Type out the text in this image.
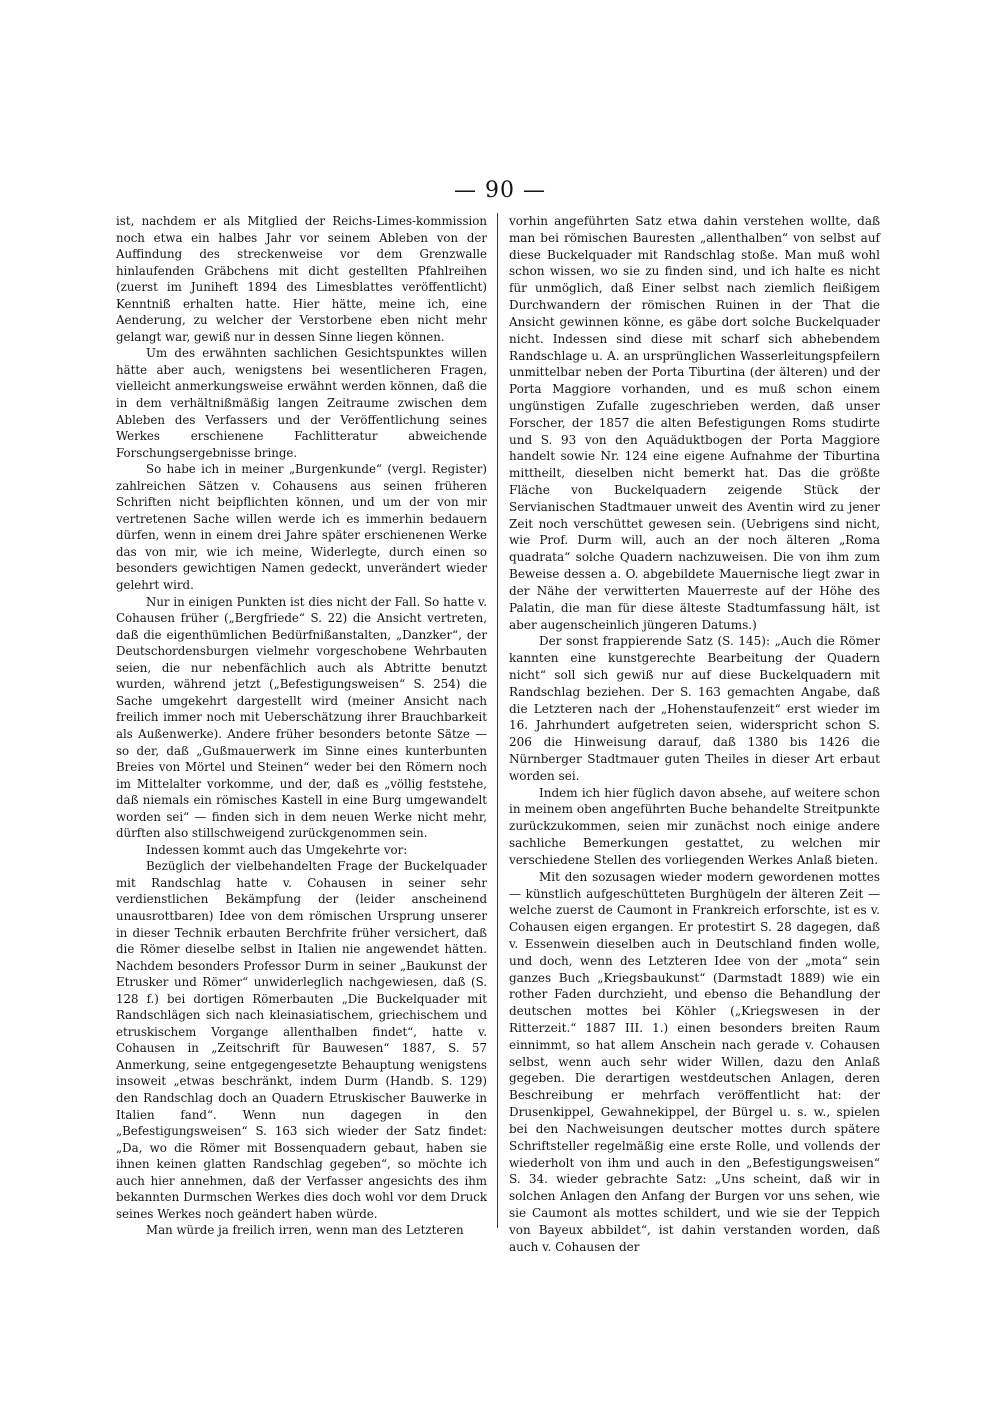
— 90 —

ist, nachdem er als Mitglied der Reichs-Limes-kommission noch etwa ein halbes Jahr vor seinem Ableben von der Auffindung des streckenweise vor dem Grenzwalle hinlaufenden Gräbchens mit dicht gestellten Pfahlreihen (zuerst im Juniheft 1894 des Limesblattes veröffentlicht) Kenntniß erhalten hatte. Hier hätte, meine ich, eine Aenderung, zu welcher der Verstorbene eben nicht mehr gelangt war, gewiß nur in dessen Sinne liegen können.

Um des erwähnten sachlichen Gesichtspunktes willen hätte aber auch, wenigstens bei wesentlicheren Fragen, vielleicht anmerkungsweise erwähnt werden können, daß die in dem verhältnißmäßig langen Zeitraume zwischen dem Ableben des Verfassers und der Veröffentlichung seines Werkes erschienene Fachlitteratur abweichende Forschungsergebnisse bringe.

So habe ich in meiner „Burgenkunde“ (vergl. Register) zahlreichen Sätzen v. Cohausens aus seinen früheren Schriften nicht beipflichten können, und um der von mir vertretenen Sache willen werde ich es immerhin bedauern dürfen, wenn in einem drei Jahre später erschienenen Werke das von mir, wie ich meine, Widerlegte, durch einen so besonders gewichtigen Namen gedeckt, unverändert wieder gelehrt wird.

Nur in einigen Punkten ist dies nicht der Fall. So hatte v. Cohausen früher („Bergfriede“ S. 22) die Ansicht vertreten, daß die eigenthümlichen Bedürfnißanstalten, „Danzker“, der Deutschordensburgen vielmehr vorgeschobene Wehrbauten seien, die nur nebenfächlich auch als Abtritte benutzt wurden, während jetzt („Befestigungsweisen“ S. 254) die Sache umgekehrt dargestellt wird (meiner Ansicht nach freilich immer noch mit Ueberschätzung ihrer Brauchbarkeit als Außenwerke). Andere früher besonders betonte Sätze — so der, daß „Gußmauerwerk im Sinne eines kunterbunten Breies von Mörtel und Steinen“ weder bei den Römern noch im Mittelalter vorkomme, und der, daß es „völlig feststehe, daß niemals ein römisches Kastell in eine Burg umgewandelt worden sei“ — finden sich in dem neuen Werke nicht mehr, dürften also stillschweigend zurückgenommen sein.

Indessen kommt auch das Umgekehrte vor:

Bezüglich der vielbehandelten Frage der Buckelquader mit Randschlag hatte v. Cohausen in seiner sehr verdienstlichen Bekämpfung der (leider anscheinend unausrottbaren) Idee von dem römischen Ursprung unserer in dieser Technik erbauten Berchfrite früher versichert, daß die Römer dieselbe selbst in Italien nie angewendet hätten. Nachdem besonders Professor Durm in seiner „Baukunst der Etrusker und Römer“ unwiderleglich nachgewiesen, daß (S. 128 f.) bei dortigen Römerbauten „Die Buckelquader mit Randschlägen sich nach kleinasiatischem, griechischem und etruskischem Vorgange allenthalben findet“, hatte v. Cohausen in „Zeitschrift für Bauwesen“ 1887, S. 57 Anmerkung, seine entgegengesetzte Behauptung wenigstens insoweit „etwas beschränkt, indem Durm (Handb. S. 129) den Randschlag doch an Quadern Etruskischer Bauwerke in Italien fand“. Wenn nun dagegen in den „Befestigungsweisen“ S. 163 sich wieder der Satz findet: „Da, wo die Römer mit Bossenquadern gebaut, haben sie ihnen keinen glatten Randschlag gegeben“, so möchte ich auch hier annehmen, daß der Verfasser angesichts des ihm bekannten Durmschen Werkes dies doch wohl vor dem Druck seines Werkes noch geändert haben würde.

Man würde ja freilich irren, wenn man des Letzteren

vorhin angeführten Satz etwa dahin verstehen wollte, daß man bei römischen Bauresten „allenthalben“ von selbst auf diese Buckelquader mit Randschlag stoße. Man muß wohl schon wissen, wo sie zu finden sind, und ich halte es nicht für unmöglich, daß Einer selbst nach ziemlich fleißigem Durchwandern der römischen Ruinen in der That die Ansicht gewinnen könne, es gäbe dort solche Buckelquader nicht. Indessen sind diese mit scharf sich abhebendem Randschlage u. A. an ursprünglichen Wasserleitungspfeilern unmittelbar neben der Porta Tiburtina (der älteren) und der Porta Maggiore vorhanden, und es muß schon einem ungünstigen Zufalle zugeschrieben werden, daß unser Forscher, der 1857 die alten Befestigungen Roms studirte und S. 93 von den Aquäduktbogen der Porta Maggiore handelt sowie Nr. 124 eine eigene Aufnahme der Tiburtina mittheilt, dieselben nicht bemerkt hat. Das die größte Fläche von Buckelquadern zeigende Stück der Servianischen Stadtmauer unweit des Aventin wird zu jener Zeit noch verschüttet gewesen sein. (Uebrigens sind nicht, wie Prof. Durm will, auch an der noch älteren „Roma quadrata“ solche Quadern nachzuweisen. Die von ihm zum Beweise dessen a. O. abgebildete Mauernische liegt zwar in der Nähe der verwitterten Mauerreste auf der Höhe des Palatin, die man für diese älteste Stadtumfassung hält, ist aber augenscheinlich jüngeren Datums.)

Der sonst frappierende Satz (S. 145): „Auch die Römer kannten eine kunstgerechte Bearbeitung der Quadern nicht“ soll sich gewiß nur auf diese Buckelquadern mit Randschlag beziehen. Der S. 163 gemachten Angabe, daß die Letzteren nach der „Hohenstaufenzeit“ erst wieder im 16. Jahrhundert aufgetreten seien, widerspricht schon S. 206 die Hinweisung darauf, daß 1380 bis 1426 die Nürnberger Stadtmauer guten Theiles in dieser Art erbaut worden sei.

Indem ich hier füglich davon absehe, auf weitere schon in meinem oben angeführten Buche behandelte Streitpunkte zurückzukommen, seien mir zunächst noch einige andere sachliche Bemerkungen gestattet, zu welchen mir verschiedene Stellen des vorliegenden Werkes Anlaß bieten.

Mit den sozusagen wieder modern gewordenen mottes — künstlich aufgeschütteten Burghügeln der älteren Zeit — welche zuerst de Caumont in Frankreich erforschte, ist es v. Cohausen eigen ergangen. Er protestirt S. 28 dagegen, daß v. Essenwein dieselben auch in Deutschland finden wolle, und doch, wenn des Letzteren Idee von der „mota“ sein ganzes Buch „Kriegsbaukunst“ (Darmstadt 1889) wie ein rother Faden durchzieht, und ebenso die Behandlung der deutschen mottes bei Köhler („Kriegswesen in der Ritterzeit.“ 1887 III. 1.) einen besonders breiten Raum einnimmt, so hat allem Anschein nach gerade v. Cohausen selbst, wenn auch sehr wider Willen, dazu den Anlaß gegeben. Die derartigen westdeutschen Anlagen, deren Beschreibung er mehrfach veröffentlicht hat: der Drusenkippel, Gewahnekippel, der Bürgel u. s. w., spielen bei den Nachweisungen deutscher mottes durch spätere Schriftsteller regelmäßig eine erste Rolle, und vollends der wiederholt von ihm und auch in den „Befestigungsweisen“ S. 34. wieder gebrachte Satz: „Uns scheint, daß wir in solchen Anlagen den Anfang der Burgen vor uns sehen, wie sie Caumont als mottes schildert, und wie sie der Teppich von Bayeux abbildet“, ist dahin verstanden worden, daß auch v. Cohausen der
